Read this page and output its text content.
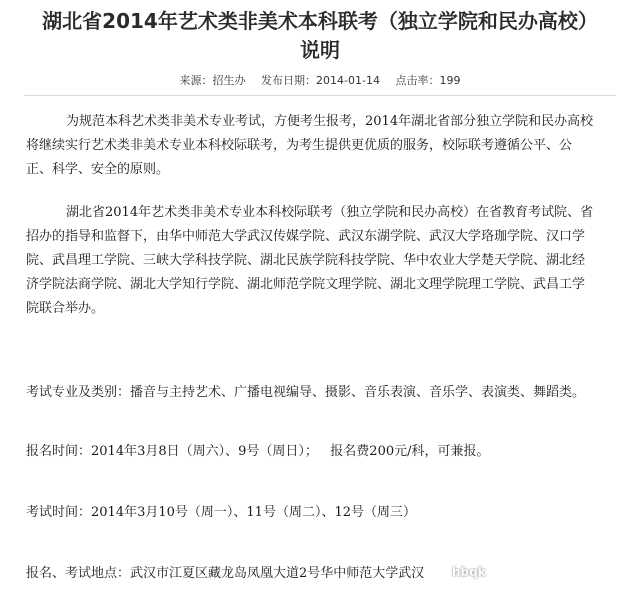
湖北省2014年艺术类非美术本科联考（独立学院和民办高校）
说明
来源：招生办 发布日期：2014-01-14 点击率：199

为规范本科艺术类非美术专业考试，方便考生报考，2014年湖北省部分独立学院和民办高校
将继续实行艺术类非美术专业本科校际联考，为考生提供更优质的服务，校际联考遵循公平、公
正、科学、安全的原则。

湖北省2014年艺术类非美术专业本科校际联考（独立学院和民办高校）在省教育考试院、省
招办的指导和监督下，由华中师范大学武汉传媒学院、武汉东湖学院、武汉大学珞珈学院、汉口学
院、武昌理工学院、三峡大学科技学院、湖北民族学院科技学院、华中农业大学楚天学院、湖北经
济学院法商学院、湖北大学知行学院、湖北师范学院文理学院、湖北文理学院理工学院、武昌工学
院联合举办。

考试专业及类别：播音与主持艺术、广播电视编导、摄影、音乐表演、音乐学、表演类、舞蹈类。

报名时间：2014年3月8日（周六）、9号（周日）；   报名费200元/科，可兼报。

考试时间：2014年3月10号（周一）、11号（周二）、12号（周三）

报名、考试地点：武汉市江夏区藏龙岛凤凰大道2号华中师范大学武汉	hbqk
